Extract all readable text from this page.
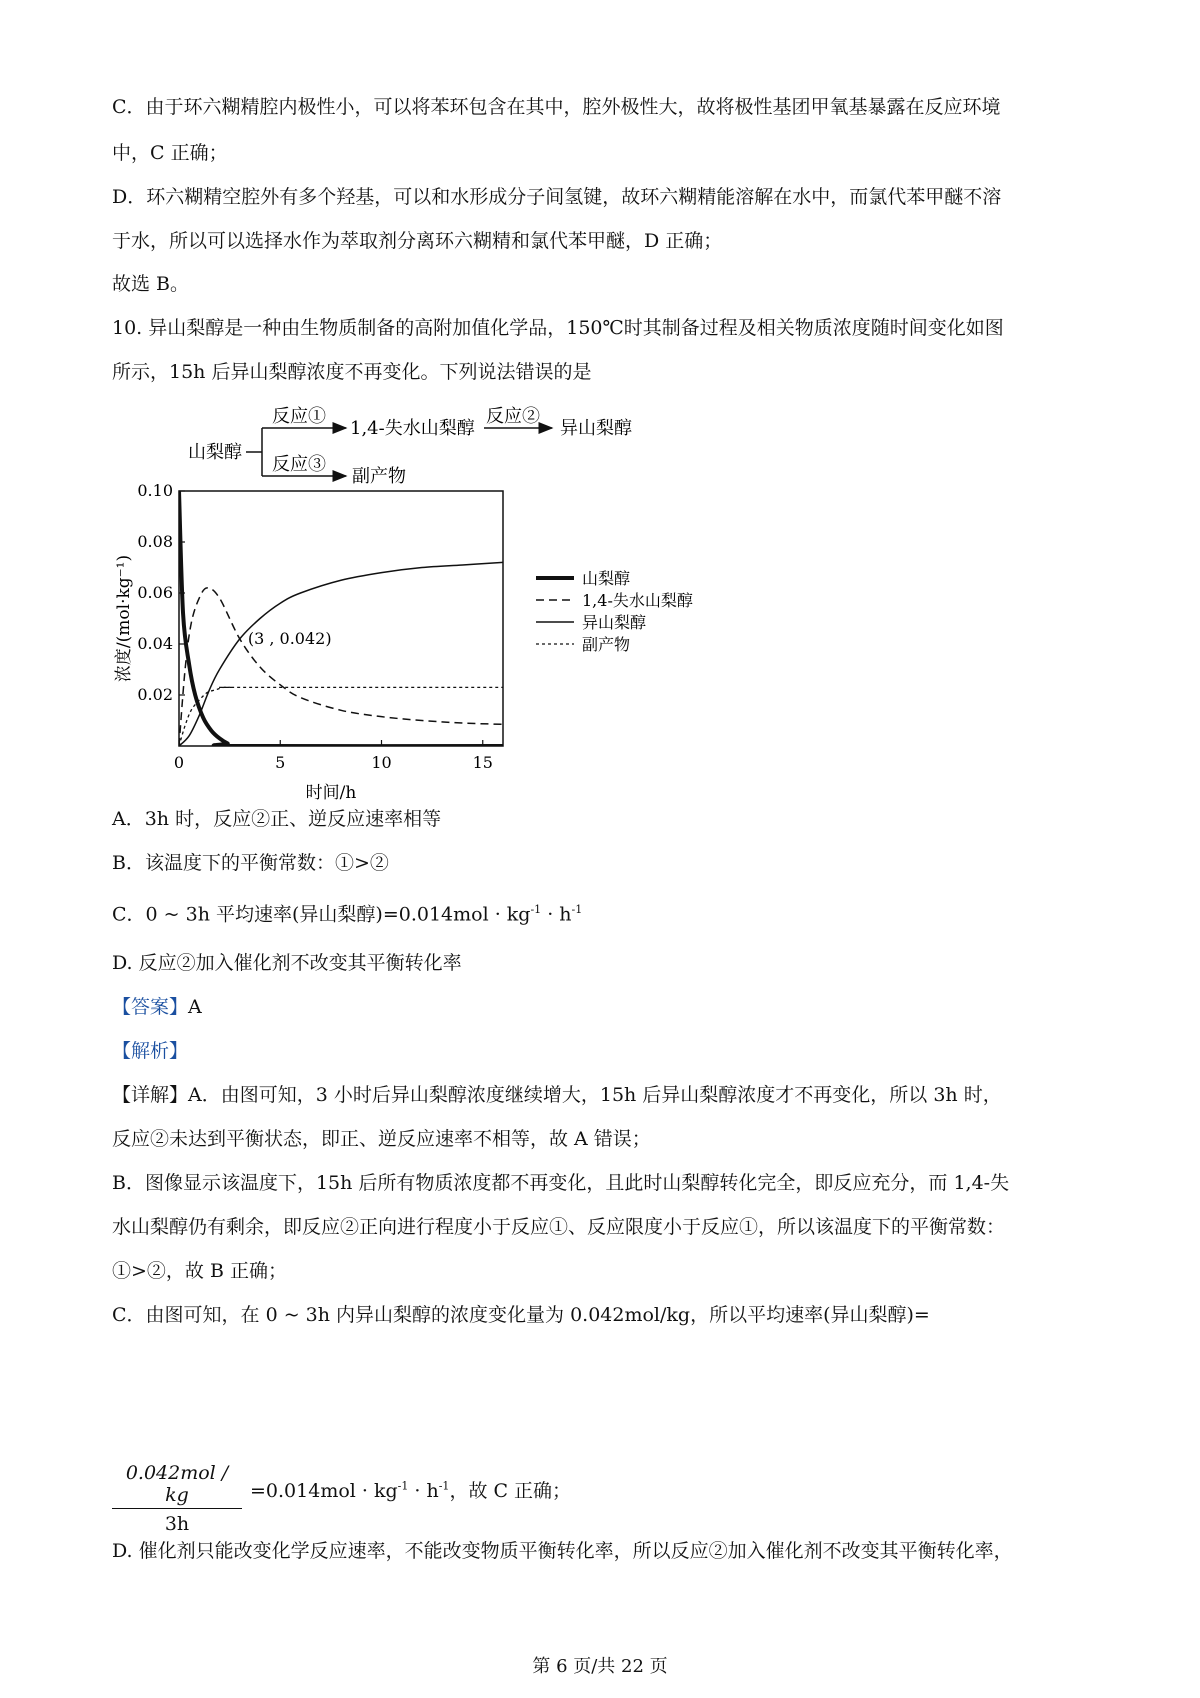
C．由于环六糊精腔内极性小，可以将苯环包含在其中，腔外极性大，故将极性基团甲氧基暴露在反应环境
中，C 正确；
D．环六糊精空腔外有多个羟基，可以和水形成分子间氢键，故环六糊精能溶解在水中，而氯代苯甲醚不溶
于水，所以可以选择水作为萃取剂分离环六糊精和氯代苯甲醚，D 正确；
故选 B。
10. 异山梨醇是一种由生物质制备的高附加值化学品，150℃时其制备过程及相关物质浓度随时间变化如图
所示，15h 后异山梨醇浓度不再变化。下列说法错误的是
山梨醇
反应①
反应③
1,4-失水山梨醇
副产物
反应②
异山梨醇
0	5	10	15
0.02
0.04
0.06
0.08
0.10
时间/h
浓度/(mol·kg⁻¹)	(3 , 0.042)
山梨醇
1,4-失水山梨醇
异山梨醇
副产物
A．3h 时，反应②正、逆反应速率相等
B．该温度下的平衡常数：①>②
C．0 ~ 3h 平均速率(异山梨醇)$=0.014mol \cdot kg^{-1} \cdot h^{-1}$
D. 反应②加入催化剂不改变其平衡转化率
【答案】A
【解析】
【详解】A．由图可知，3 小时后异山梨醇浓度继续增大，15h 后异山梨醇浓度才不再变化，所以 3h 时，
反应②未达到平衡状态，即正、逆反应速率不相等，故 A 错误；
B．图像显示该温度下，15h 后所有物质浓度都不再变化，且此时山梨醇转化完全，即反应充分，而 1,4-失
水山梨醇仍有剩余，即反应②正向进行程度小于反应①、反应限度小于反应①，所以该温度下的平衡常数：
①>②，故 B 正确；
C．由图可知，在 0 ~ 3h 内异山梨醇的浓度变化量为 0.042mol/kg，所以平均速率(异山梨醇)=
0.042mol / kg
3h
$=0.014mol \cdot kg^{-1} \cdot h^{-1}$，故 C 正确；
D. 催化剂只能改变化学反应速率，不能改变物质平衡转化率，所以反应②加入催化剂不改变其平衡转化率，
第 6 页/共 22 页
